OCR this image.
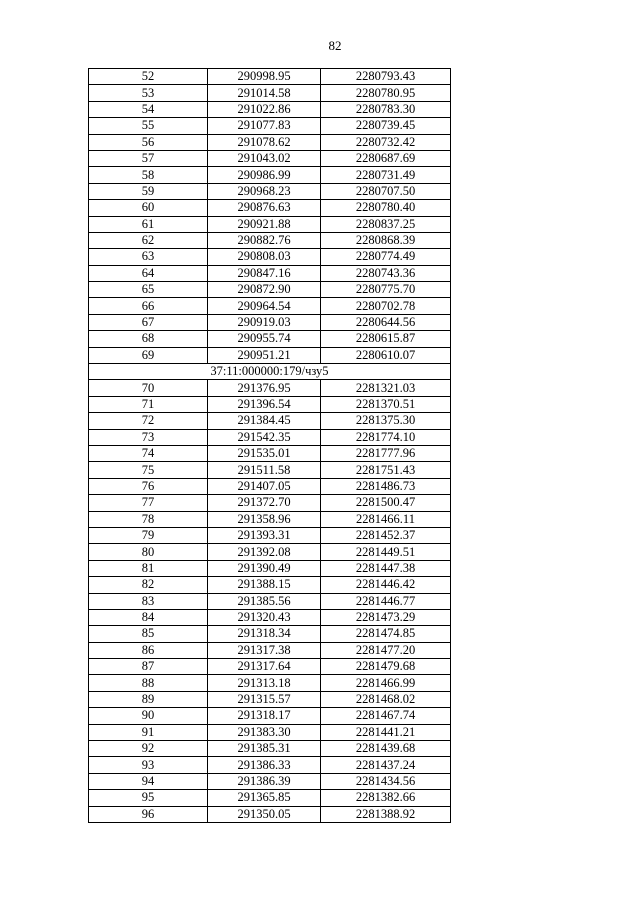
82
52	290998.95	2280793.43
53	291014.58	2280780.95
54	291022.86	2280783.30
55	291077.83	2280739.45
56	291078.62	2280732.42
57	291043.02	2280687.69
58	290986.99	2280731.49
59	290968.23	2280707.50
60	290876.63	2280780.40
61	290921.88	2280837.25
62	290882.76	2280868.39
63	290808.03	2280774.49
64	290847.16	2280743.36
65	290872.90	2280775.70
66	290964.54	2280702.78
67	290919.03	2280644.56
68	290955.74	2280615.87
69	290951.21	2280610.07
37:11:000000:179/чзу5		
70	291376.95	2281321.03
71	291396.54	2281370.51
72	291384.45	2281375.30
73	291542.35	2281774.10
74	291535.01	2281777.96
75	291511.58	2281751.43
76	291407.05	2281486.73
77	291372.70	2281500.47
78	291358.96	2281466.11
79	291393.31	2281452.37
80	291392.08	2281449.51
81	291390.49	2281447.38
82	291388.15	2281446.42
83	291385.56	2281446.77
84	291320.43	2281473.29
85	291318.34	2281474.85
86	291317.38	2281477.20
87	291317.64	2281479.68
88	291313.18	2281466.99
89	291315.57	2281468.02
90	291318.17	2281467.74
91	291383.30	2281441.21
92	291385.31	2281439.68
93	291386.33	2281437.24
94	291386.39	2281434.56
95	291365.85	2281382.66
96	291350.05	2281388.92
